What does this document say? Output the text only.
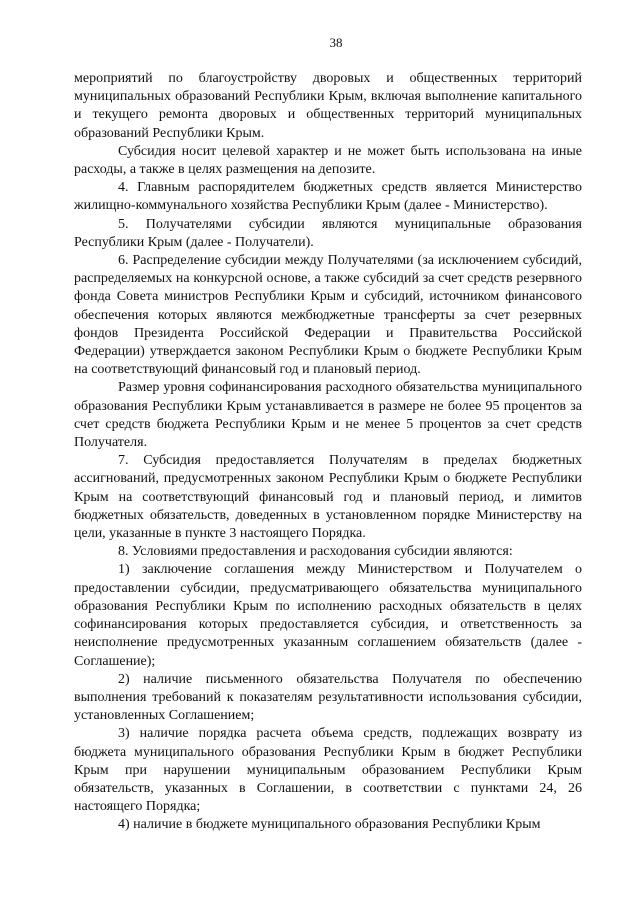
38

мероприятий по благоустройству дворовых и общественных территорий муниципальных образований Республики Крым, включая выполнение капитального и текущего ремонта дворовых и общественных территорий муниципальных образований Республики Крым.

Субсидия носит целевой характер и не может быть использована на иные расходы, а также в целях размещения на депозите.

4. Главным распорядителем бюджетных средств является Министерство жилищно-коммунального хозяйства Республики Крым (далее - Министерство).

5. Получателями субсидии являются муниципальные образования Республики Крым (далее - Получатели).

6. Распределение субсидии между Получателями (за исключением субсидий, распределяемых на конкурсной основе, а также субсидий за счет средств резервного фонда Совета министров Республики Крым и субсидий, источником финансового обеспечения которых являются межбюджетные трансферты за счет резервных фондов Президента Российской Федерации и Правительства Российской Федерации) утверждается законом Республики Крым о бюджете Республики Крым на соответствующий финансовый год и плановый период.

Размер уровня софинансирования расходного обязательства муниципального образования Республики Крым устанавливается в размере не более 95 процентов за счет средств бюджета Республики Крым и не менее 5 процентов за счет средств Получателя.

7. Субсидия предоставляется Получателям в пределах бюджетных ассигнований, предусмотренных законом Республики Крым о бюджете Республики Крым на соответствующий финансовый год и плановый период, и лимитов бюджетных обязательств, доведенных в установленном порядке Министерству на цели, указанные в пункте 3 настоящего Порядка.

8. Условиями предоставления и расходования субсидии являются:

1) заключение соглашения между Министерством и Получателем о предоставлении субсидии, предусматривающего обязательства муниципального образования Республики Крым по исполнению расходных обязательств в целях софинансирования которых предоставляется субсидия, и ответственность за неисполнение предусмотренных указанным соглашением обязательств (далее - Соглашение);

2) наличие письменного обязательства Получателя по обеспечению выполнения требований к показателям результативности использования субсидии, установленных Соглашением;

3) наличие порядка расчета объема средств, подлежащих возврату из бюджета муниципального образования Республики Крым в бюджет Республики Крым при нарушении муниципальным образованием Республики Крым обязательств, указанных в Соглашении, в соответствии с пунктами 24, 26 настоящего Порядка;

4) наличие в бюджете муниципального образования Республики Крым
